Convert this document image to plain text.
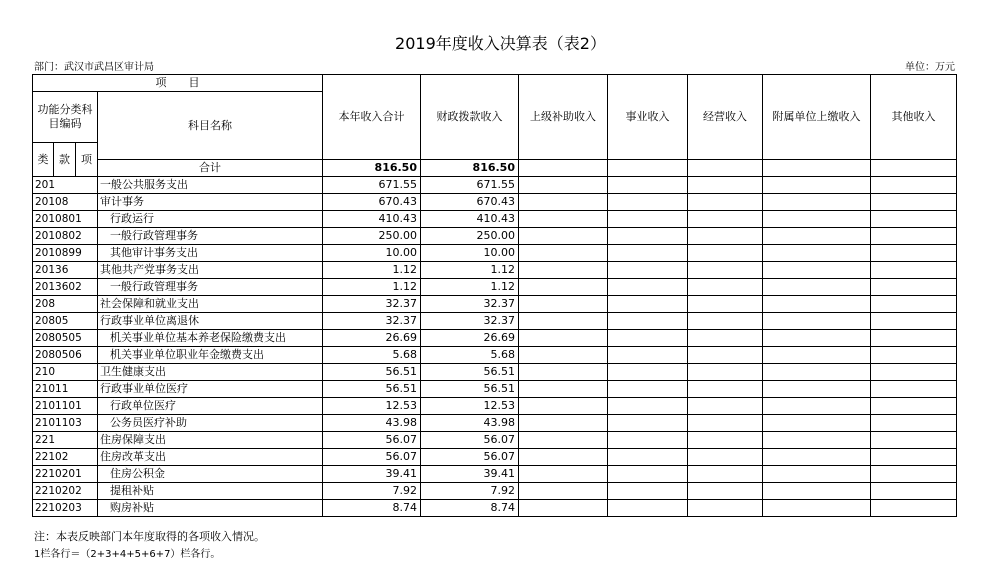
2019年度收入决算表（表2）
部门：武汉市武昌区审计局	单位：万元
项　　目				本年收入合计	财政拨款收入	上级补助收入	事业收入	经营收入	附属单位上缴收入	其他收入	
功能分类科目编码			科目名称								
类	款	项								
			合计	816.50	816.50						
201			一般公共服务支出	671.55	671.55						
20108			审计事务	670.43	670.43						
2010801			行政运行	410.43	410.43						
2010802			一般行政管理事务	250.00	250.00						
2010899			其他审计事务支出	10.00	10.00						
20136			其他共产党事务支出	1.12	1.12						
2013602			一般行政管理事务	1.12	1.12						
208			社会保障和就业支出	32.37	32.37						
20805			行政事业单位离退休	32.37	32.37						
2080505			机关事业单位基本养老保险缴费支出	26.69	26.69						
2080506			机关事业单位职业年金缴费支出	5.68	5.68						
210			卫生健康支出	56.51	56.51						
21011			行政事业单位医疗	56.51	56.51						
2101101			行政单位医疗	12.53	12.53						
2101103			公务员医疗补助	43.98	43.98						
221			住房保障支出	56.07	56.07						
22102			住房改革支出	56.07	56.07						
2210201			住房公积金	39.41	39.41						
2210202			提租补贴	7.92	7.92						
2210203			购房补贴	8.74	8.74						
注：本表反映部门本年度取得的各项收入情况。
1栏各行＝（2+3+4+5+6+7）栏各行。
